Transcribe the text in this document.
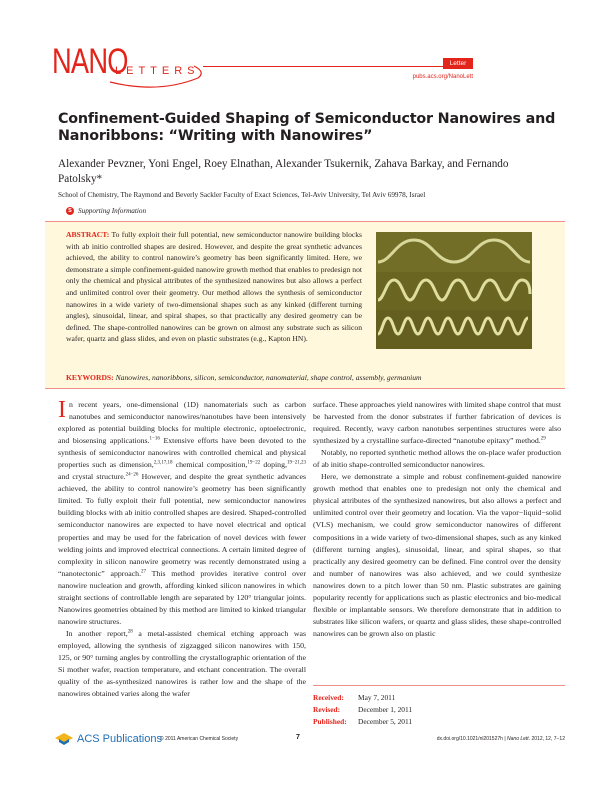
NANO
LETTERS
Letter
pubs.acs.org/NanoLett
Confinement-Guided Shaping of Semiconductor Nanowires and Nanoribbons: “Writing with Nanowires”
Alexander Pevzner, Yoni Engel, Roey Elnathan, Alexander Tsukernik, Zahava Barkay, and Fernando Patolsky*
School of Chemistry, The Raymond and Beverly Sackler Faculty of Exact Sciences, Tel-Aviv University, Tel Aviv 69978, Israel
S Supporting Information
ABSTRACT: To fully exploit their full potential, new semiconductor nanowire building blocks with ab initio controlled shapes are desired. However, and despite the great synthetic advances achieved, the ability to control nanowire’s geometry has been significantly limited. Here, we demonstrate a simple confinement-guided nanowire growth method that enables to predesign not only the chemical and physical attributes of the synthesized nanowires but also allows a perfect and unlimited control over their geometry. Our method allows the synthesis of semiconductor nanowires in a wide variety of two-dimensional shapes such as any kinked (different turning angles), sinusoidal, linear, and spiral shapes, so that practically any desired geometry can be defined. The shape-controlled nanowires can be grown on almost any substrate such as silicon wafer, quartz and glass slides, and even on plastic substrates (e.g., Kapton HN).
KEYWORDS: Nanowires, nanoribbons, silicon, semiconductor, nanomaterial, shape control, assembly, germanium

In recent years, one-dimensional (1D) nanomaterials such as carbon nanotubes and semiconductor nanowires/nanotubes have been intensively explored as potential building blocks for multiple electronic, optoelectronic, and biosensing applications.$^{1-16}$ Extensive efforts have been devoted to the synthesis of semiconductor nanowires with controlled chemical and physical properties such as dimension,$^{2,3,17,18}$ chemical composition,$^{19-22}$ doping,$^{19-21,23}$ and crystal structure.$^{24-26}$ However, and despite the great synthetic advances achieved, the ability to control nanowire’s geometry has been significantly limited. To fully exploit their full potential, new semiconductor nanowires building blocks with ab initio controlled shapes are desired. Shaped-controlled semiconductor nanowires are expected to have novel electrical and optical properties and may be used for the fabrication of novel devices with fewer welding joints and improved electrical connections. A certain limited degree of complexity in silicon nanowire geometry was recently demonstrated using a “nanotectonic” approach.$^{27}$ This method provides iterative control over nanowire nucleation and growth, affording kinked silicon nanowires in which straight sections of controllable length are separated by 120° triangular joints. Nanowires geometries obtained by this method are limited to kinked triangular nanowire structures.

In another report,$^{28}$ a metal-assisted chemical etching approach was employed, allowing the synthesis of zigzagged silicon nanowires with 150, 125, or 90° turning angles by controlling the crystallographic orientation of the Si mother wafer, reaction temperature, and etchant concentration. The overall quality of the as-synthesized nanowires is rather low and the shape of the nanowires obtained varies along the wafer

surface. These approaches yield nanowires with limited shape control that must be harvested from the donor substrates if further fabrication of devices is required. Recently, wavy carbon nanotubes serpentines structures were also synthesized by a crystalline surface-directed “nanotube epitaxy” method.$^{29}$

Notably, no reported synthetic method allows the on-place wafer production of ab initio shape-controlled semiconductor nanowires.

Here, we demonstrate a simple and robust confinement-guided nanowire growth method that enables one to predesign not only the chemical and physical attributes of the synthesized nanowires, but also allows a perfect and unlimited control over their geometry and location. Via the vapor−liquid−solid (VLS) mechanism, we could grow semiconductor nanowires of different compositions in a wide variety of two-dimensional shapes, such as any kinked (different turning angles), sinusoidal, linear, and spiral shapes, so that practically any desired geometry can be defined. Fine control over the density and number of nanowires was also achieved, and we could synthesize nanowires down to a pitch lower than 50 nm. Plastic substrates are gaining popularity recently for applications such as plastic electronics and bio-medical flexible or implantable sensors. We therefore demonstrate that in addition to substrates like silicon wafers, or quartz and glass slides, these shape-controlled nanowires can be grown also on plastic

Received:	May 7, 2011
Revised:	December 1, 2011
Published:	December 5, 2011
ACS Publications
© 2011 American Chemical Society	7	dx.doi.org/10.1021/nl201527h | Nano Lett. 2012, 12, 7−12
